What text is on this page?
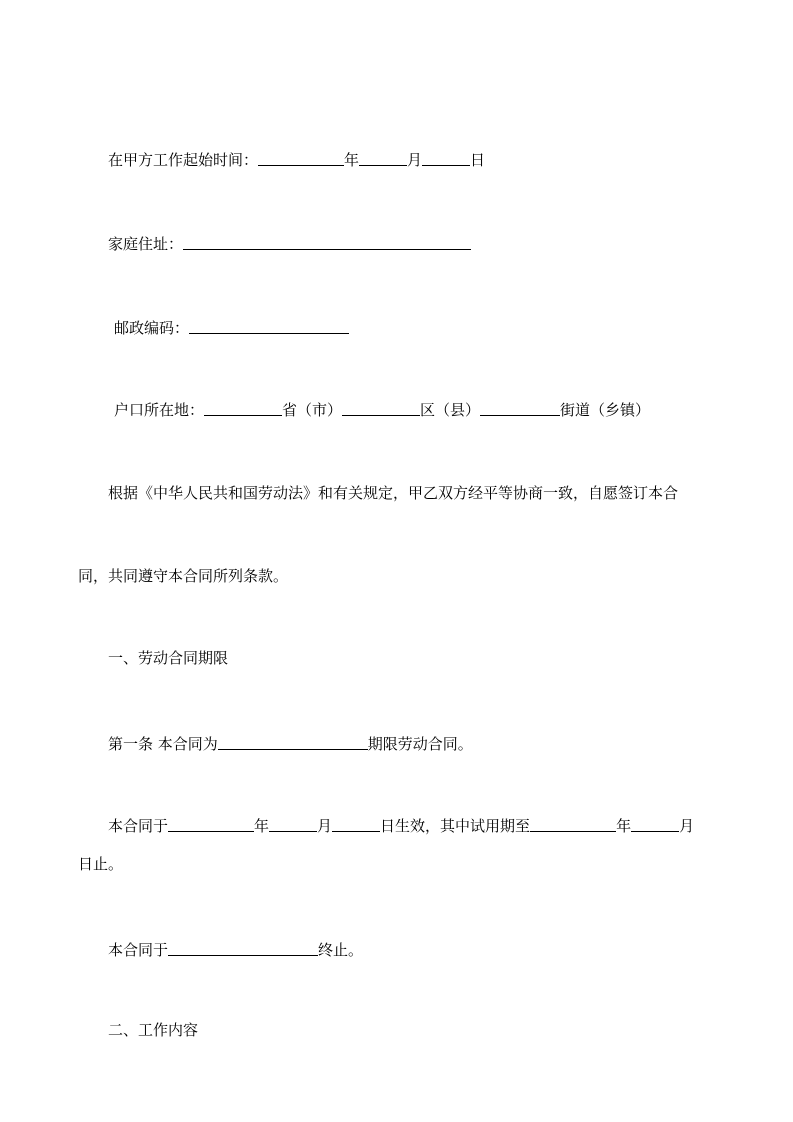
在甲方工作起始时间：	年	月	日
家庭住址：
邮政编码：
户口所在地：	省（市）	区（县）	街道（乡镇）
根据《中华人民共和国劳动法》和有关规定，甲乙双方经平等协商一致，自愿签订本合
同，共同遵守本合同所列条款。
一、劳动合同期限
第一条 本合同为	期限劳动合同。
本合同于	年	月	日生效，其中试用期至	年	月
日止。
本合同于	终止。
二、工作内容
